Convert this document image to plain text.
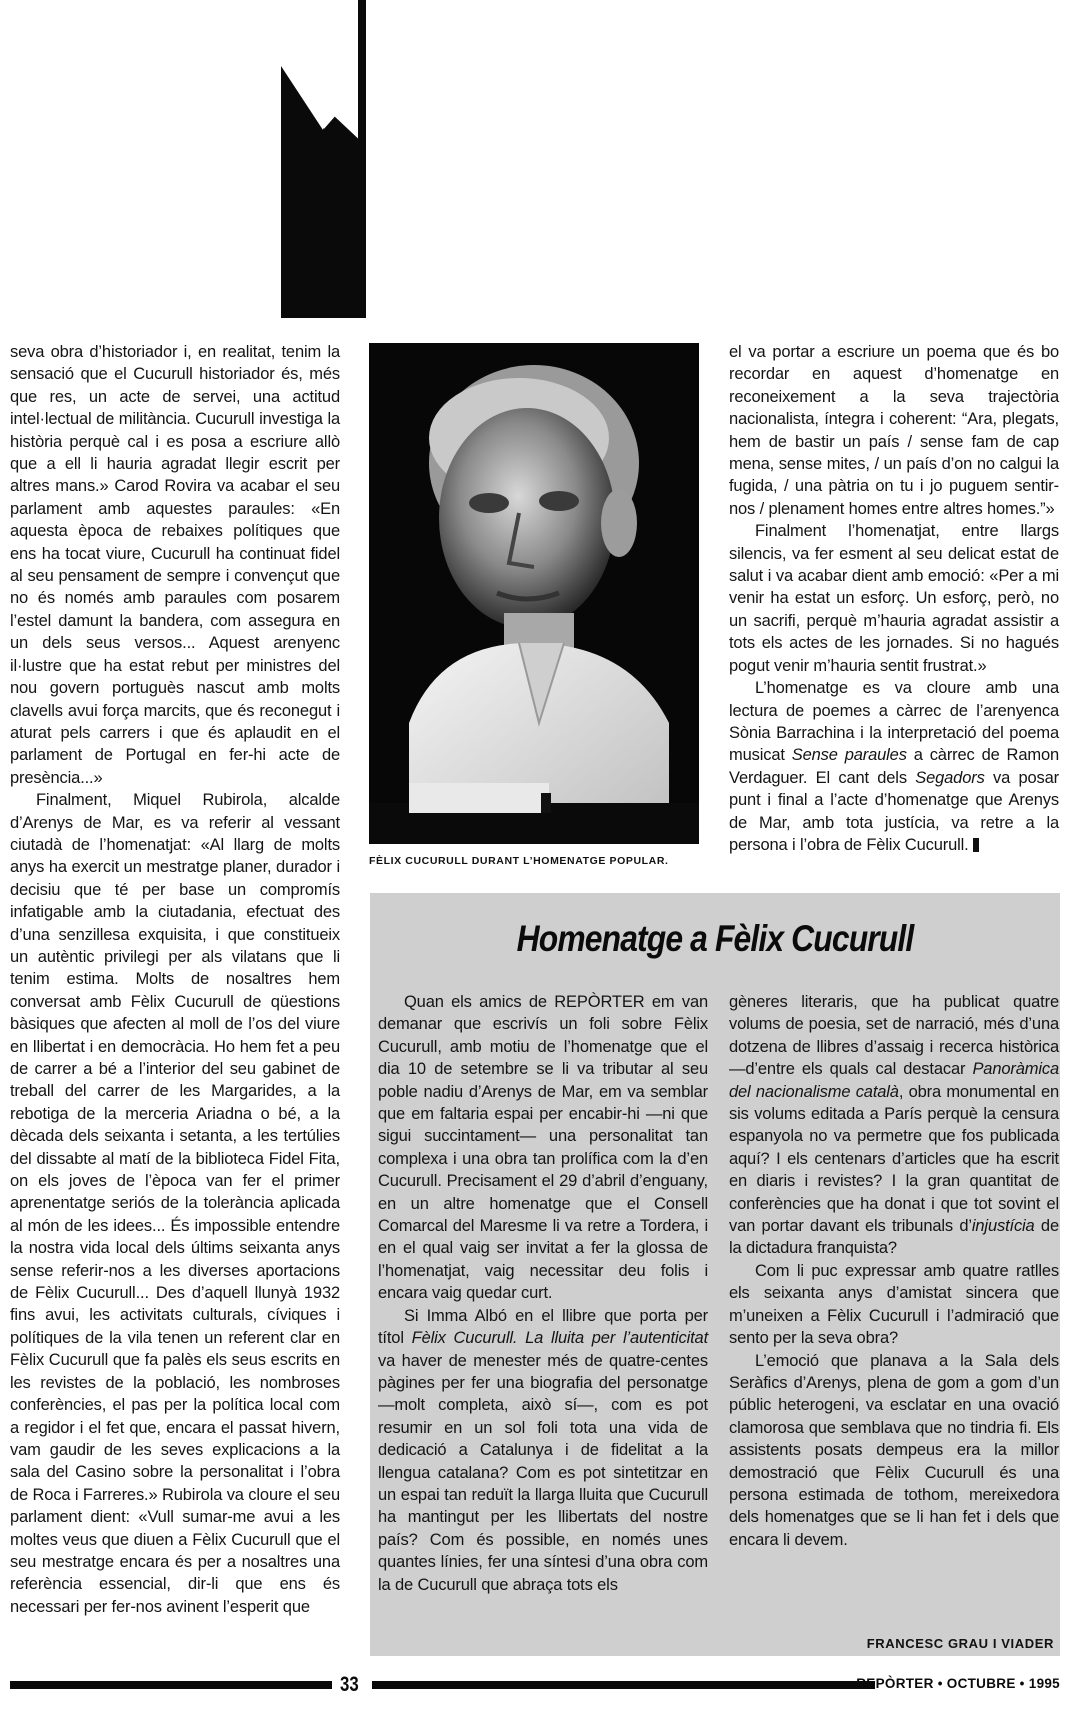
seva obra d’historiador i, en realitat, tenim la sensació que el Cucurull historiador és, més que res, un acte de servei, una actitud intel·lectual de militància. Cucurull investiga la història perquè cal i es posa a escriure allò que a ell li hauria agradat llegir escrit per altres mans.» Carod Rovira va acabar el seu parlament amb aquestes paraules: «En aquesta època de rebaixes polítiques que ens ha tocat viure, Cucurull ha continuat fidel al seu pensament de sempre i convençut que no és només amb paraules com posarem l’estel damunt la bandera, com assegura en un dels seus versos... Aquest arenyenc il·lustre que ha estat rebut per ministres del nou govern portuguès nascut amb molts clavells avui força marcits, que és reconegut i aturat pels carrers i que és aplaudit en el parlament de Portugal en fer-hi acte de presència...»

Finalment, Miquel Rubirola, alcalde d’Arenys de Mar, es va referir al vessant ciutadà de l’homenatjat: «Al llarg de molts anys ha exercit un mestratge planer, durador i decisiu que té per base un compromís infatigable amb la ciutadania, efectuat des d’una senzillesa exquisita, i que constitueix un autèntic privilegi per als vilatans que li tenim estima. Molts de nosaltres hem conversat amb Fèlix Cucurull de qüestions bàsiques que afecten al moll de l’os del viure en llibertat i en democràcia. Ho hem fet a peu de carrer a bé a l’interior del seu gabinet de treball del carrer de les Margarides, a la rebotiga de la merceria Ariadna o bé, a la dècada dels seixanta i setanta, a les tertúlies del dissabte al matí de la biblioteca Fidel Fita, on els joves de l’època van fer el primer aprenentatge seriós de la tolerància aplicada al món de les idees... És impossible entendre la nostra vida local dels últims seixanta anys sense referir-nos a les diverses aportacions de Fèlix Cucurull... Des d’aquell llunyà 1932 fins avui, les activitats culturals, cíviques i polítiques de la vila tenen un referent clar en Fèlix Cucurull que fa palès els seus escrits en les revistes de la població, les nombroses conferències, el pas per la política local com a regidor i el fet que, encara el passat hivern, vam gaudir de les seves explicacions a la sala del Casino sobre la personalitat i l’obra de Roca i Farreres.» Rubirola va cloure el seu parlament dient: «Vull sumar-me avui a les moltes veus que diuen a Fèlix Cucurull que el seu mestratge encara és per a nosaltres una referència essencial, dir-li que ens és necessari per fer-nos avinent l’esperit que

FÈLIX CUCURULL DURANT L’HOMENATGE POPULAR.

el va portar a escriure un poema que és bo recordar en aquest d’homenatge en reconeixement a la seva trajectòria nacionalista, íntegra i coherent: “Ara, plegats, hem de bastir un país / sense fam de cap mena, sense mites, / un país d’on no calgui la fugida, / una pàtria on tu i jo puguem sentir-nos / plenament homes entre altres homes.”»

Finalment l’homenatjat, entre llargs silencis, va fer esment al seu delicat estat de salut i va acabar dient amb emoció: «Per a mi venir ha estat un esforç. Un esforç, però, no un sacrifi, perquè m’hauria agradat assistir a tots els actes de les jornades. Si no hagués pogut venir m’hauria sentit frustrat.»

L’homenatge es va cloure amb una lectura de poemes a càrrec de l’arenyenca Sònia Barrachina i la interpretació del poema musicat Sense paraules a càrrec de Ramon Verdaguer. El cant dels Segadors va posar punt i final a l’acte d’homenatge que Arenys de Mar, amb tota justícia, va retre a la persona i l’obra de Fèlix Cucurull.

Homenatge a Fèlix Cucurull

Quan els amics de REPÒRTER em van demanar que escrivís un foli sobre Fèlix Cucurull, amb motiu de l’homenatge que el dia 10 de setembre se li va tributar al seu poble nadiu d’Arenys de Mar, em va semblar que em faltaria espai per encabir-hi —ni que sigui succintament— una personalitat tan complexa i una obra tan prolífica com la d’en Cucurull. Precisament el 29 d’abril d’enguany, en un altre homenatge que el Consell Comarcal del Maresme li va retre a Tordera, i en el qual vaig ser invitat a fer la glossa de l’homenatjat, vaig necessitar deu folis i encara vaig quedar curt.

Si Imma Albó en el llibre que porta per títol Fèlix Cucurull. La lluita per l’autenticitat va haver de menester més de quatre-centes pàgines per fer una biografia del personatge —molt completa, això sí—, com es pot resumir en un sol foli tota una vida de dedicació a Catalunya i de fidelitat a la llengua catalana? Com es pot sintetitzar en un espai tan reduït la llarga lluita que Cucurull ha mantingut per les llibertats del nostre país? Com és possible, en només unes quantes línies, fer una síntesi d’una obra com la de Cucurull que abraça tots els

gèneres literaris, que ha publicat quatre volums de poesia, set de narració, més d’una dotzena de llibres d’assaig i recerca històrica —d’entre els quals cal destacar Panoràmica del nacionalisme català, obra monumental en sis volums editada a París perquè la censura espanyola no va permetre que fos publicada aquí? I els centenars d’articles que ha escrit en diaris i revistes? I la gran quantitat de conferències que ha donat i que tot sovint el van portar davant els tribunals d’injustícia de la dictadura franquista?

Com li puc expressar amb quatre ratlles els seixanta anys d’amistat sincera que m’uneixen a Fèlix Cucurull i l’admiració que sento per la seva obra?

L’emoció que planava a la Sala dels Seràfics d’Arenys, plena de gom a gom d’un públic heterogeni, va esclatar en una ovació clamorosa que semblava que no tindria fi. Els assistents posats dempeus era la millor demostració que Fèlix Cucurull és una persona estimada de tothom, mereixedora dels homenatges que se li han fet i dels que encara li devem.

FRANCESC GRAU I VIADER
33	REPÒRTER • OCTUBRE • 1995
